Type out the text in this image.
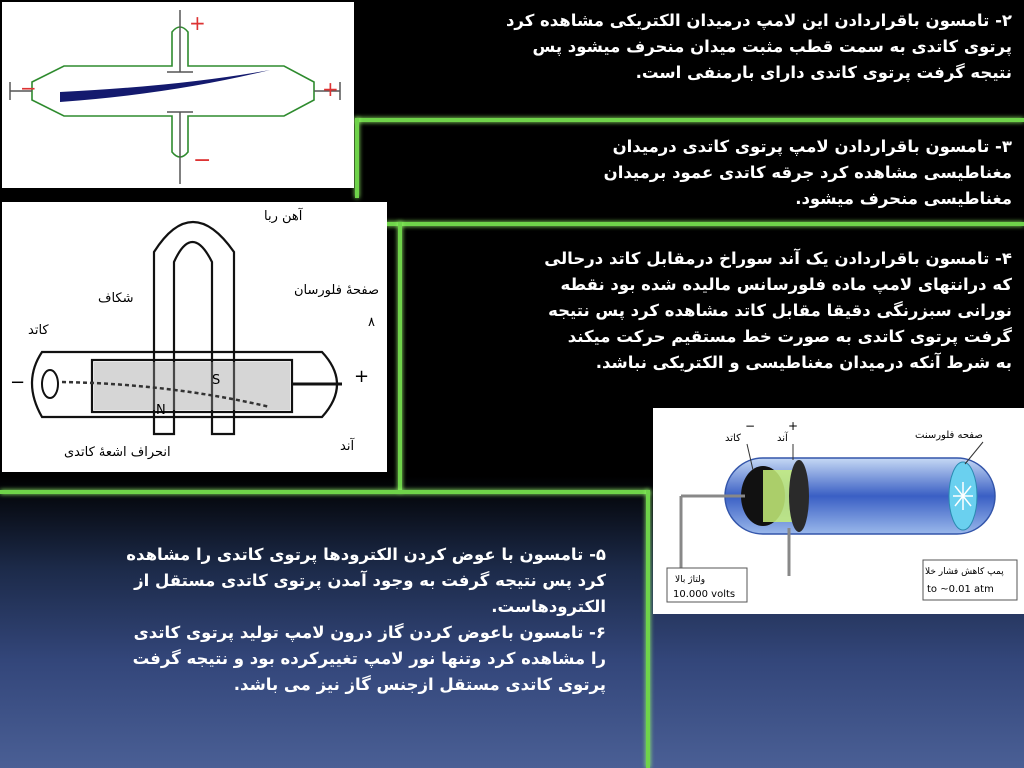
۲- تامسون باقراردادن این لامپ درمیدان الکتریکی مشاهده کرد
پرتوی کاتدی به سمت قطب مثبت میدان منحرف میشود پس
نتیجه گرفت پرتوی کاتدی دارای بارمنفی است.
۳- تامسون باقراردادن لامپ پرتوی کاتدی درمیدان
مغناطیسی مشاهده کرد جرقه کاتدی عمود برمیدان
مغناطیسی منحرف میشود.
۴- تامسون باقراردادن یک آند سوراخ درمقابل کاتد درحالی
که درانتهای لامپ ماده فلورسانس مالیده شده بود نقطه
نورانی سبزرنگی دقیقا مقابل کاتد مشاهده کرد پس نتیجه
گرفت پرتوی کاتدی به صورت خط مستقیم حرکت میکند
به شرط آنکه درمیدان مغناطیسی و الکتریکی نباشد.
۵- تامسون با عوض کردن الکترودها پرتوی کاتدی را مشاهده
کرد پس نتیجه گرفت به وجود آمدن پرتوی کاتدی مستقل از
الکترودهاست.
۶- تامسون باعوض کردن گاز درون لامپ تولید پرتوی کاتدی
را مشاهده کرد وتنها نور لامپ تغییرکرده بود و نتیجه گرفت
پرتوی کاتدی مستقل ازجنس گاز نیز می باشد.
+
−
−	+
آهن ربا
صفحهٔ فلورسان
۸
شکاف
کاتد
انحراف اشعهٔ کاتدی	آند
−	+
N
S
کاتد	آند	صفحه فلورسنت
−	+
ولتاژ بالا
10.000 volts
پمپ کاهش فشار خلا
to ~0.01 atm
